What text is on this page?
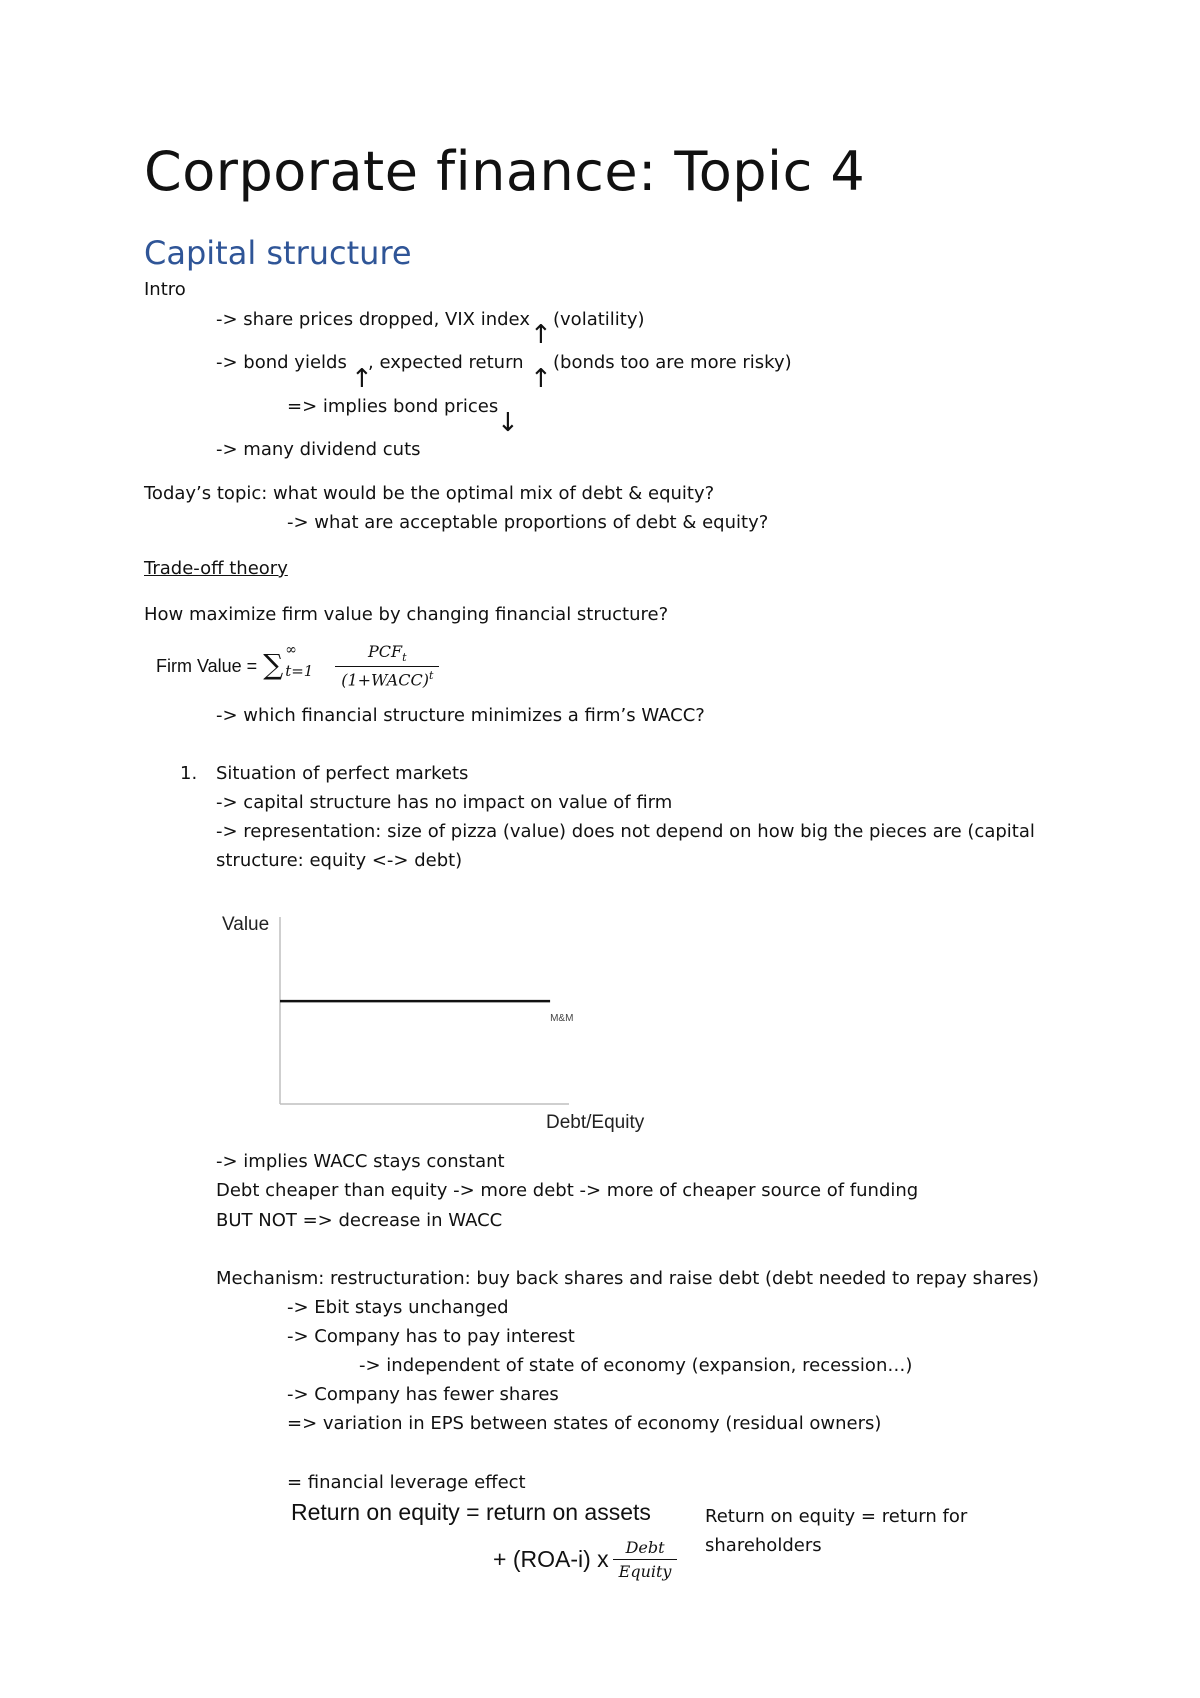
Corporate finance: Topic 4
Capital structure
Intro
-> share prices dropped, VIX index
↑
(volatility)
-> bond yields
↑
, expected return
↑
(bonds too are more risky)
=> implies bond prices
↓
-> many dividend cuts
Today’s topic: what would be the optimal mix of debt & equity?
-> what are acceptable proportions of debt & equity?
Trade-off theory
How maximize firm value by changing financial structure?
Firm Value = ∑ ∞
$t=1 \frac{PCF_t}{(1+WACC)^t}$
-> which financial structure minimizes a firm’s WACC?
1. Situation of perfect markets
-> capital structure has no impact on value of firm
-> representation: size of pizza (value) does not depend on how big the pieces are (capital
structure: equity <-> debt)
Value
M&M
Debt/Equity
-> implies WACC stays constant
Debt cheaper than equity -> more debt -> more of cheaper source of funding
BUT NOT => decrease in WACC
Mechanism: restructuration: buy back shares and raise debt (debt needed to repay shares)
-> Ebit stays unchanged
-> Company has to pay interest
-> independent of state of economy (expansion, recession…)
-> Company has fewer shares
=> variation in EPS between states of economy (residual owners)
= financial leverage effect
Return on equity = return on assets
+ (ROA-i) x $\frac{\text{Debt}}{\text{Equity}}$
Return on equity = return for
shareholders
